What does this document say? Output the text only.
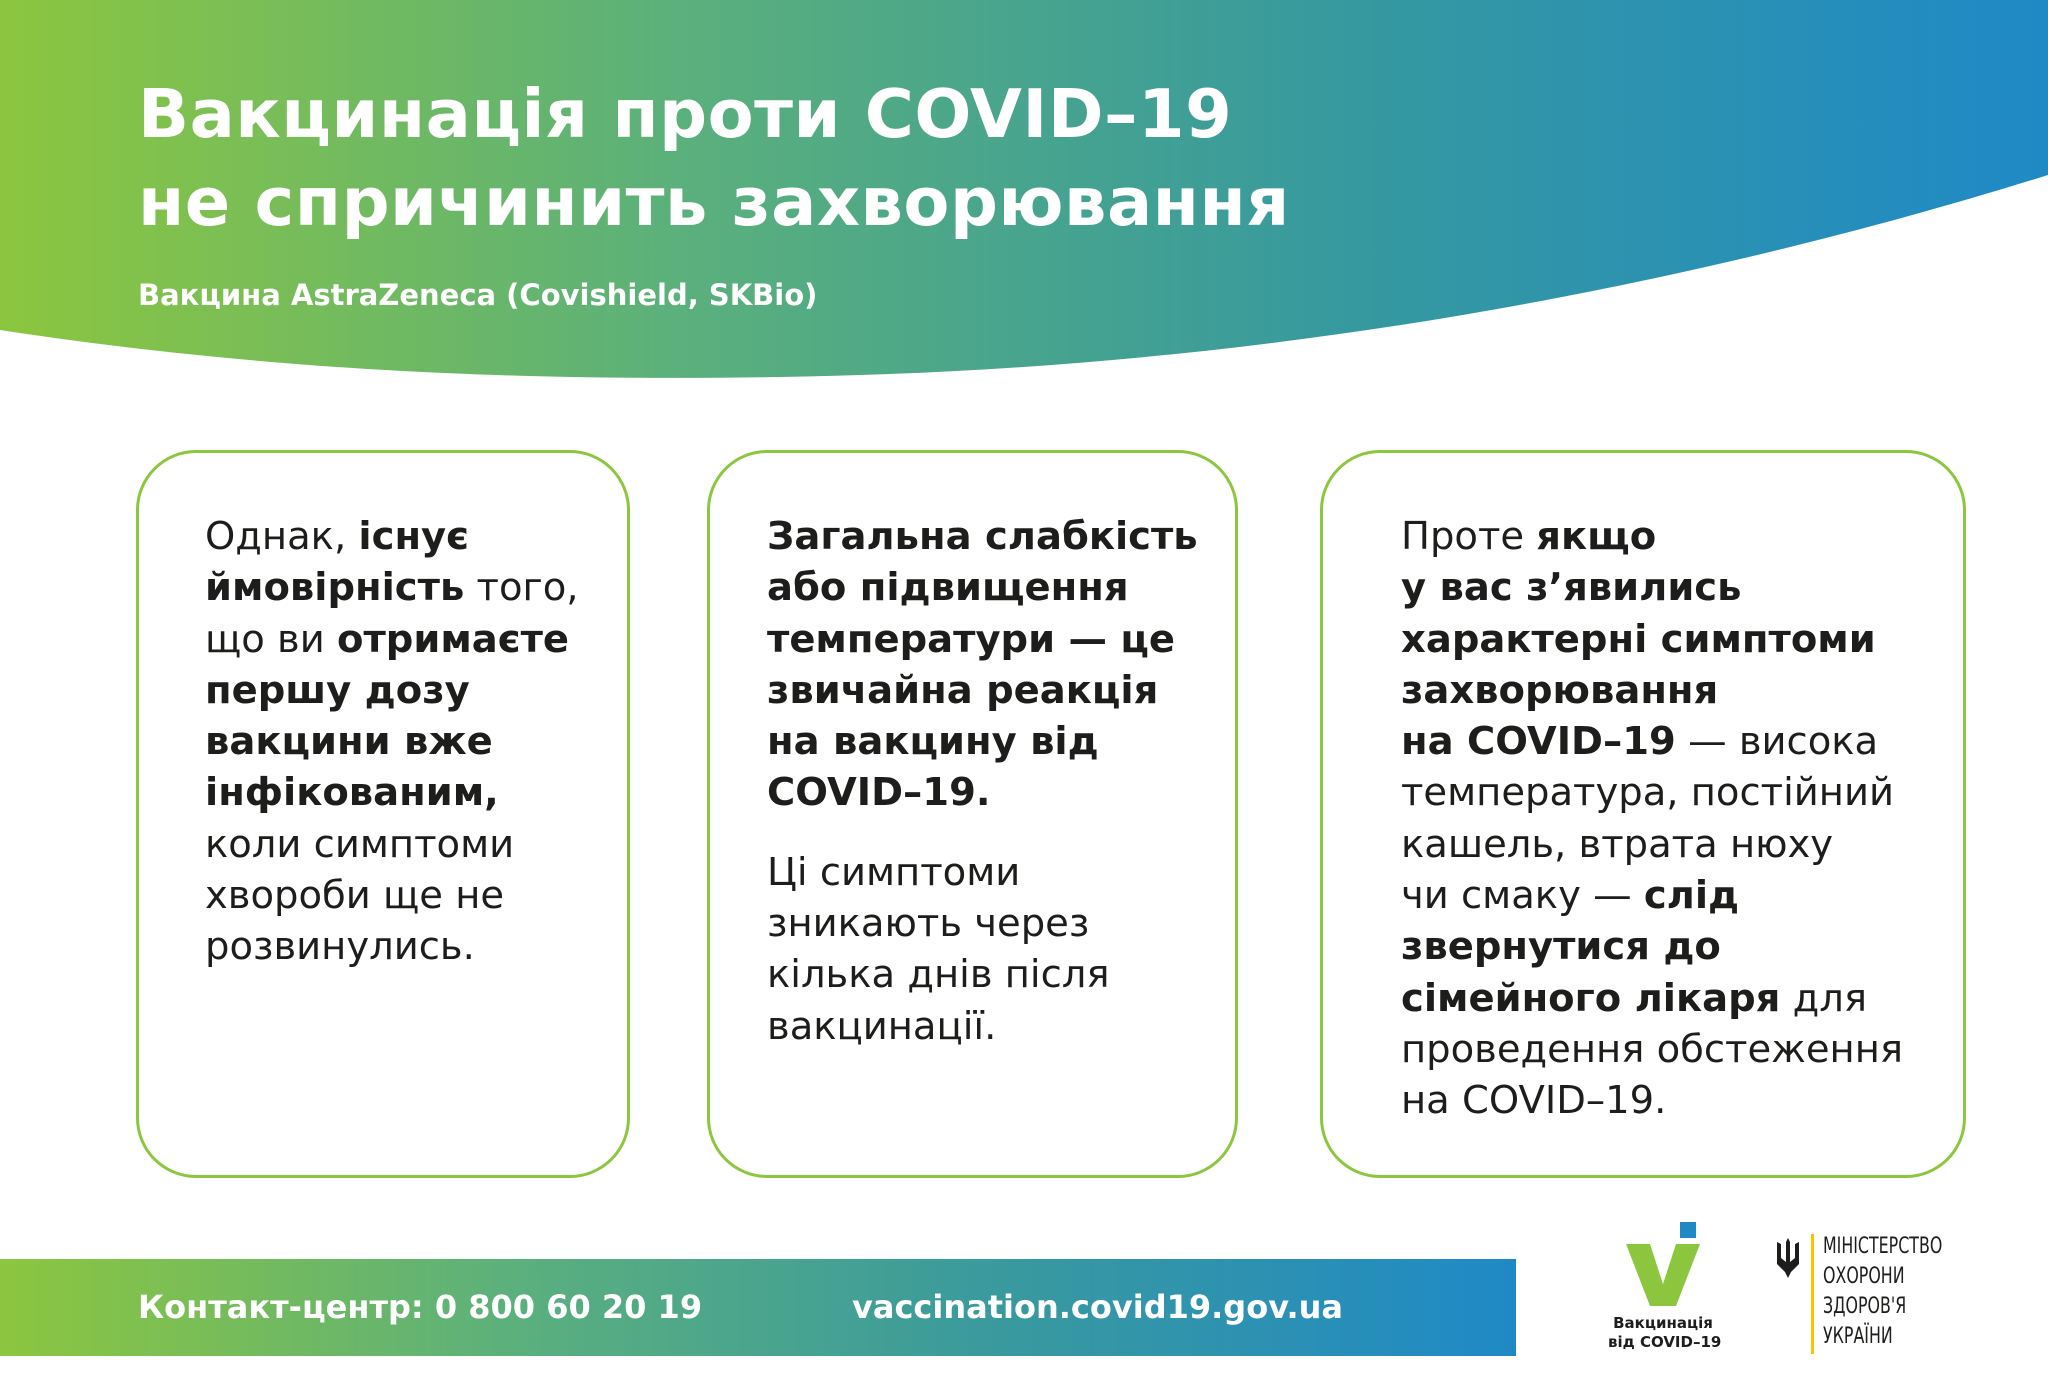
Вакцинація проти COVID–19
не спричинить захворювання
Вакцина AstraZeneca (Covishield, SKBio)

Однак, існує
ймовірність того,
що ви отримаєте
першу дозу
вакцини вже
інфікованим,
коли симптоми
хвороби ще не
розвинулись.

Загальна слабкість
або підвищення
температури — це
звичайна реакція
на вакцину від
COVID–19.

Ці симптоми
зникають через
кілька днів після
вакцинації.

Проте якщо
у вас з’явились
характерні симптоми
захворювання
на COVID–19 — висока
температура, постійний
кашель, втрата нюху
чи смаку — слід
звернутися до
сімейного лікаря для
проведення обстеження
на COVID–19.

Контакт-центр: 0 800 60 20 19	vaccination.covid19.gov.ua	Вакцинація
від COVID–19
МІНІСТЕРСТВО
ОХОРОНИ
ЗДОРОВ'Я
УКРАЇНИ
